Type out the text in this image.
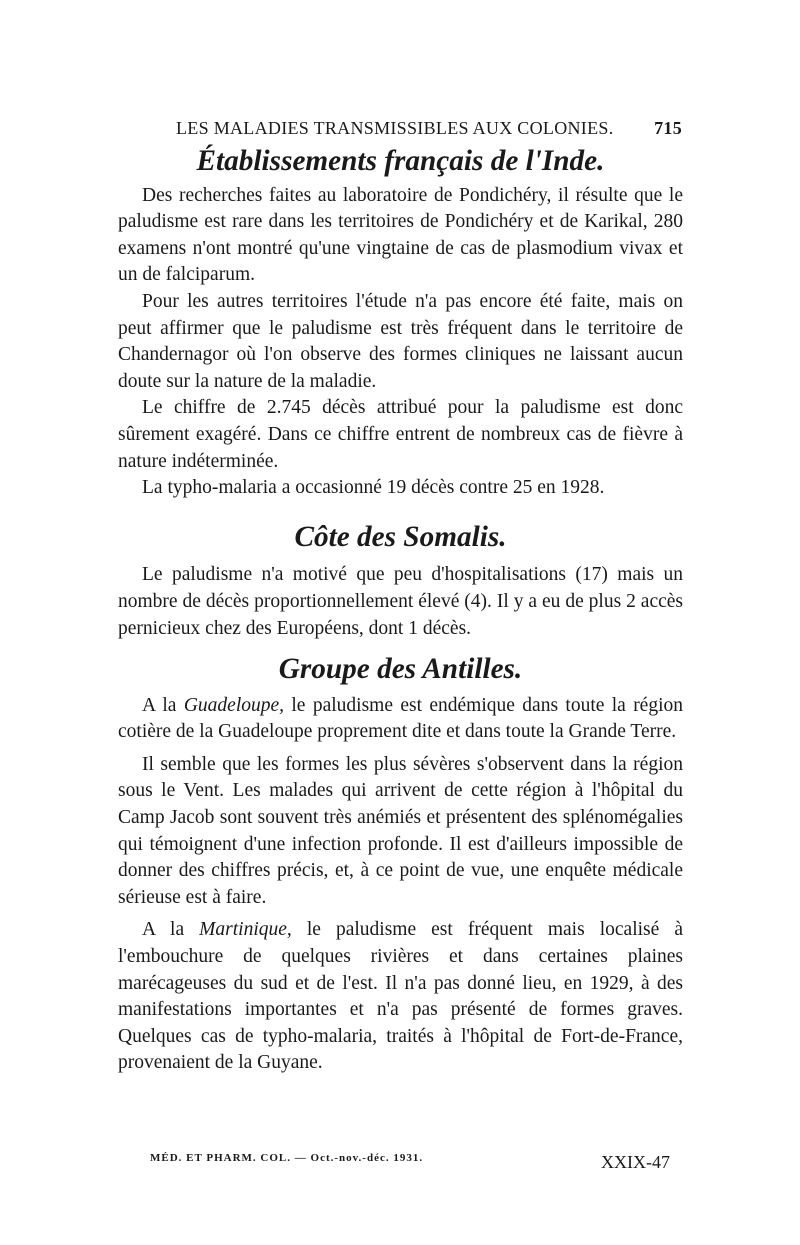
LES MALADIES TRANSMISSIBLES AUX COLONIES. 715
Établissements français de l'Inde.

Des recherches faites au laboratoire de Pondichéry, il résulte que le paludisme est rare dans les territoires de Pondichéry et de Karikal, 280 examens n'ont montré qu'une vingtaine de cas de plasmodium vivax et un de falciparum.

Pour les autres territoires l'étude n'a pas encore été faite, mais on peut affirmer que le paludisme est très fréquent dans le territoire de Chandernagor où l'on observe des formes cliniques ne laissant aucun doute sur la nature de la maladie.

Le chiffre de 2.745 décès attribué pour la paludisme est donc sûrement exagéré. Dans ce chiffre entrent de nombreux cas de fièvre à nature indéterminée.

La typho-malaria a occasionné 19 décès contre 25 en 1928.

Côte des Somalis.

Le paludisme n'a motivé que peu d'hospitalisations (17) mais un nombre de décès proportionnellement élevé (4). Il y a eu de plus 2 accès pernicieux chez des Européens, dont 1 décès.

Groupe des Antilles.

A la Guadeloupe, le paludisme est endémique dans toute la région cotière de la Guadeloupe proprement dite et dans toute la Grande Terre.

Il semble que les formes les plus sévères s'observent dans la région sous le Vent. Les malades qui arrivent de cette région à l'hôpital du Camp Jacob sont souvent très anémiés et présentent des splénomégalies qui témoignent d'une infection profonde. Il est d'ailleurs impossible de donner des chiffres précis, et, à ce point de vue, une enquête médicale sérieuse est à faire.

A la Martinique, le paludisme est fréquent mais localisé à l'embouchure de quelques rivières et dans certaines plaines marécageuses du sud et de l'est. Il n'a pas donné lieu, en 1929, à des manifestations importantes et n'a pas présenté de formes graves. Quelques cas de typho-malaria, traités à l'hôpital de Fort-de-France, provenaient de la Guyane.

MÉD. ET PHARM. COL. — Oct.-nov.-déc. 1931.	XXIX-47
